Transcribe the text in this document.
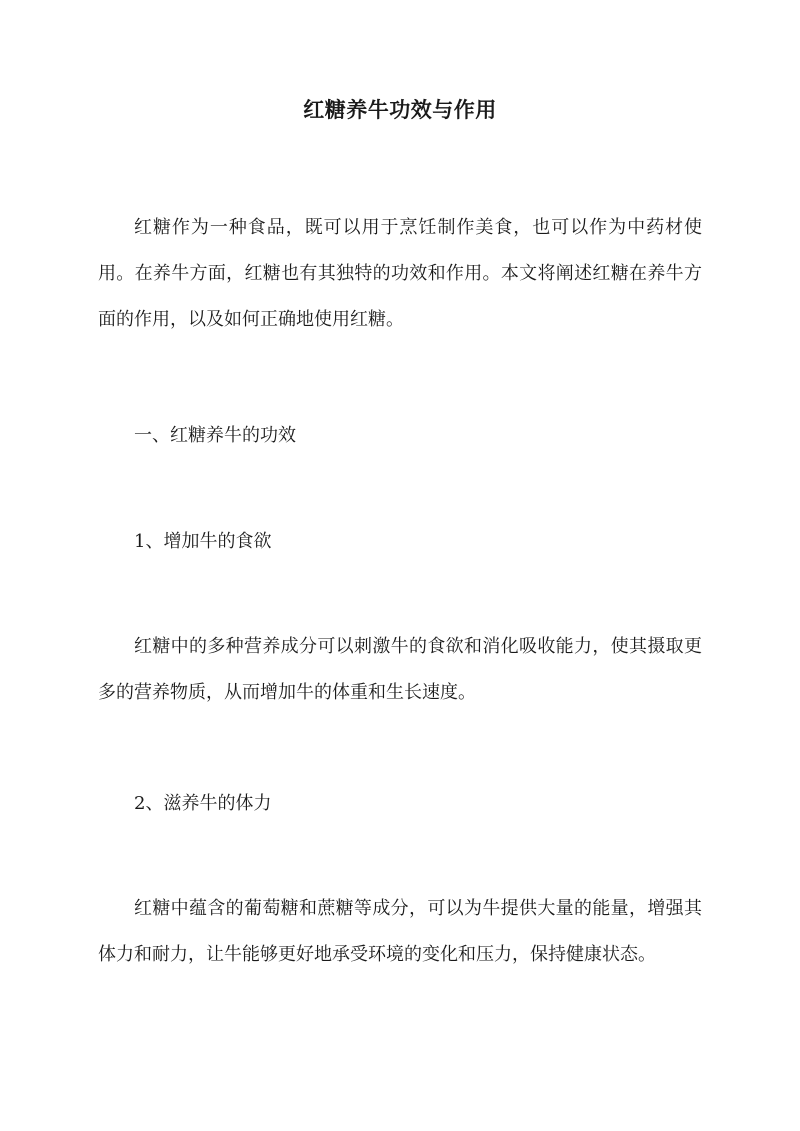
红糖养牛功效与作用

红糖作为一种食品，既可以用于烹饪制作美食，也可以作为中药材使用。在养牛方面，红糖也有其独特的功效和作用。本文将阐述红糖在养牛方面的作用，以及如何正确地使用红糖。

一、红糖养牛的功效

1、增加牛的食欲

红糖中的多种营养成分可以刺激牛的食欲和消化吸收能力，使其摄取更多的营养物质，从而增加牛的体重和生长速度。

2、滋养牛的体力

红糖中蕴含的葡萄糖和蔗糖等成分，可以为牛提供大量的能量，增强其体力和耐力，让牛能够更好地承受环境的变化和压力，保持健康状态。
